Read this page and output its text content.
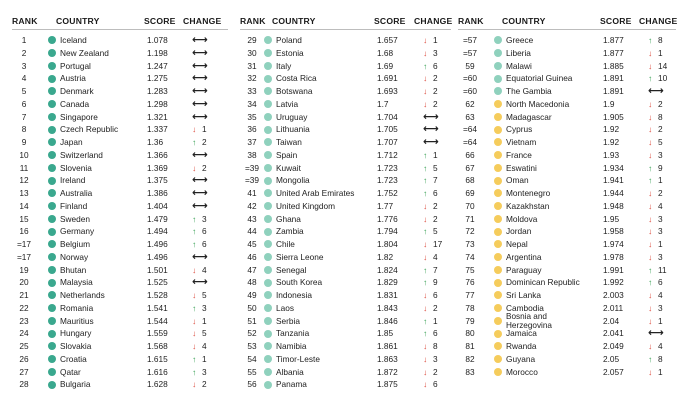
RANK COUNTRY	SCORE CHANGE
1	Iceland	1.078 ⟷
2	New Zealand	1.198 ⟷
3	Portugal	1.247 ⟷
4	Austria	1.275 ⟷
5	Denmark	1.283 ⟷
6	Canada	1.298 ⟷
7	Singapore	1.321 ⟷
8	Czech Republic	1.337	↓ 1
9	Japan	1.36	↑ 2
10	Switzerland	1.366 ⟷
11	Slovenia	1.369	↓ 2
12	Ireland	1.375 ⟷
13	Australia	1.386 ⟷
14	Finland	1.404 ⟷
15	Sweden	1.479	↑ 3
16	Germany	1.494	↑ 6
=17	Belgium	1.496	↑ 6
=17	Norway	1.496 ⟷
19	Bhutan	1.501	↓ 4
20	Malaysia	1.525 ⟷
21	Netherlands	1.528	↓ 5
22	Romania	1.541	↑ 3
23	Mauritius	1.544	↓ 1
24	Hungary	1.559	↓ 5
25	Slovakia	1.568	↓ 4
26	Croatia	1.615	↑ 1
27	Qatar	1.616	↑ 3
28	Bulgaria	1.628	↓ 2
RANK COUNTRY	SCORE CHANGE
29	Poland	1.657	↓ 1
30	Estonia	1.68	↓ 3
31	Italy	1.69	↑ 6
32	Costa Rica	1.691	↓ 2
33	Botswana	1.693	↓ 2
34	Latvia	1.7	↓ 2
35	Uruguay	1.704 ⟷
36	Lithuania	1.705 ⟷
37	Taiwan	1.707 ⟷
38	Spain	1.712	↑ 1
=39	Kuwait	1.723	↑ 5
=39	Mongolia	1.723	↑ 7
41	United Arab Emirates	1.752	↑ 6
42	United Kingdom	1.77	↓ 2
43	Ghana	1.776	↓ 2
44	Zambia	1.794	↑ 5
45	Chile	1.804	↓ 17
46	Sierra Leone	1.82	↓ 4
47	Senegal	1.824	↑ 7
48	South Korea	1.829	↑ 9
49	Indonesia	1.831	↓ 6
50	Laos	1.843	↓ 2
51	Serbia	1.846	↑ 1
52	Tanzania	1.85	↑ 6
53	Namibia	1.861	↓ 8
54	Timor-Leste	1.863	↓ 3
55	Albania	1.872	↓ 2
56	Panama	1.875	↓ 6
RANK COUNTRY	SCORE CHANGE
=57	Greece	1.877	↑ 8
=57	Liberia	1.877	↓ 1
59	Malawi	1.885	↓ 14
=60	Equatorial Guinea	1.891	↑ 10
=60	The Gambia	1.891 ⟷
62	North Macedonia	1.9	↓ 2
63	Madagascar	1.905	↓ 8
=64	Cyprus	1.92	↓ 2
=64	Vietnam	1.92	↓ 5
66	France	1.93	↓ 3
67	Eswatini	1.934	↑ 9
68	Oman	1.941	↑ 1
69	Montenegro	1.944	↓ 2
70	Kazakhstan	1.948	↓ 4
71	Moldova	1.95	↓ 3
72	Jordan	1.958	↓ 3
73	Nepal	1.974	↓ 1
74	Argentina	1.978	↓ 3
75	Paraguay	1.991	↑ 11
76	Dominican Republic	1.992	↑ 6
77	Sri Lanka	2.003	↓ 4
78	Cambodia	2.011	↓ 3
79	Bosnia and Herzegovina	2.04	↓ 1
80	Jamaica	2.041 ⟷
81	Rwanda	2.049	↓ 4
82	Guyana	2.05	↑ 8
83	Morocco	2.057	↓ 1
